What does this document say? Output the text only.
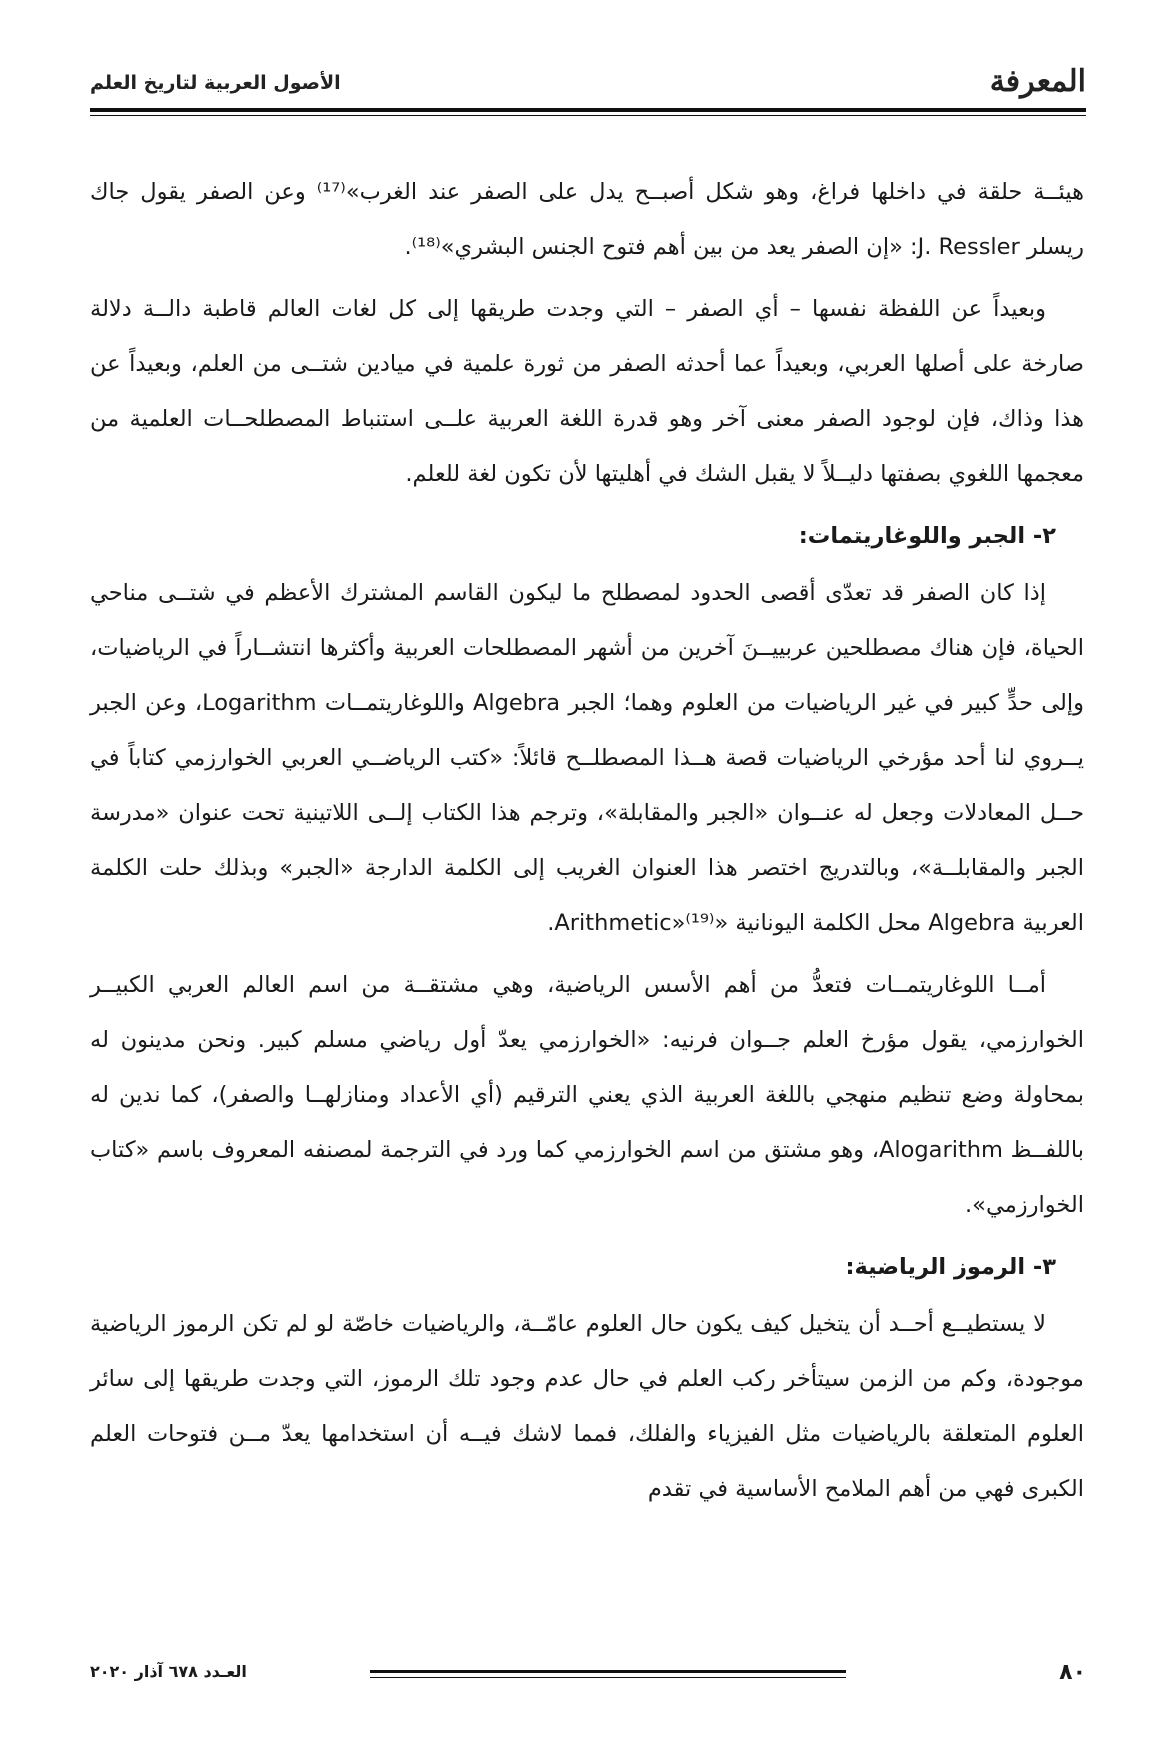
المعرفة
الأصول العربية لتاريخ العلم

هيئــة حلقة في داخلها فراغ، وهو شكل أصبــح يدل على الصفر عند الغرب»⁽¹⁷⁾ وعن الصفر يقول جاك ريسلر J. Ressler: «إن الصفر يعد من بين أهم فتوح الجنس البشري»⁽¹⁸⁾.

وبعيداً عن اللفظة نفسها – أي الصفر – التي وجدت طريقها إلى كل لغات العالم قاطبة دالــة دلالة صارخة على أصلها العربي، وبعيداً عما أحدثه الصفر من ثورة علمية في ميادين شتــى من العلم، وبعيداً عن هذا وذاك، فإن لوجود الصفر معنى آخر وهو قدرة اللغة العربية علــى استنباط المصطلحــات العلمية من معجمها اللغوي بصفتها دليــلاً لا يقبل الشك في أهليتها لأن تكون لغة للعلم.

٢- الجبر واللوغاريتمات:

إذا كان الصفر قد تعدّى أقصى الحدود لمصطلح ما ليكون القاسم المشترك الأعظم في شتــى مناحي الحياة، فإن هناك مصطلحين عربييــنَ آخرين من أشهر المصطلحات العربية وأكثرها انتشــاراً في الرياضيات، وإلى حدٍّ كبير في غير الرياضيات من العلوم وهما؛ الجبر Algebra واللوغاريتمــات Logarithm، وعن الجبر يــروي لنا أحد مؤرخي الرياضيات قصة هــذا المصطلــح قائلاً: «كتب الرياضــي العربي الخوارزمي كتاباً في حــل المعادلات وجعل له عنــوان «الجبر والمقابلة»، وترجم هذا الكتاب إلــى اللاتينية تحت عنوان «مدرسة الجبر والمقابلــة»، وبالتدريج اختصر هذا العنوان الغريب إلى الكلمة الدارجة «الجبر» وبذلك حلت الكلمة العربية Algebra محل الكلمة اليونانية «Arithmetic»⁽¹⁹⁾.

أمــا اللوغاريتمــات فتعدُّ من أهم الأسس الرياضية، وهي مشتقــة من اسم العالم العربي الكبيــر الخوارزمي، يقول مؤرخ العلم جــوان فرنيه: «الخوارزمي يعدّ أول رياضي مسلم كبير. ونحن مدينون له بمحاولة وضع تنظيم منهجي باللغة العربية الذي يعني الترقيم (أي الأعداد ومنازلهــا والصفر)، كما ندين له باللفــظ Alogarithm، وهو مشتق من اسم الخوارزمي كما ورد في الترجمة لمصنفه المعروف باسم «كتاب الخوارزمي».

٣- الرموز الرياضية:

لا يستطيــع أحــد أن يتخيل كيف يكون حال العلوم عامّــة، والرياضيات خاصّة لو لم تكن الرموز الرياضية موجودة، وكم من الزمن سيتأخر ركب العلم في حال عدم وجود تلك الرموز، التي وجدت طريقها إلى سائر العلوم المتعلقة بالرياضيات مثل الفيزياء والفلك، فمما لاشك فيــه أن استخدامها يعدّ مــن فتوحات العلم الكبرى فهي من أهم الملامح الأساسية في تقدم

٨٠
العـدد ٦٧٨ آذار ٢٠٢٠
